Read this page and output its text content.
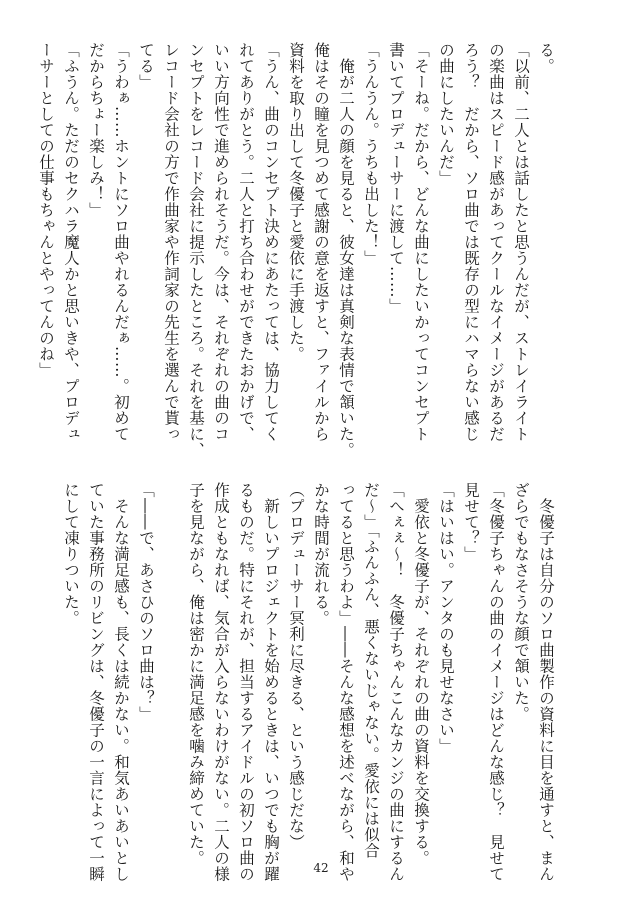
る。
「以前、二人とは話したと思うんだが、ストレイライト
の楽曲はスピード感があってクールなイメージがあるだ
ろう？　だから、ソロ曲では既存の型にハマらない感じ
の曲にしたいんだ」
「そーね。だから、どんな曲にしたいかってコンセプト
書いてプロデューサーに渡して……」
「うんうん。うちも出した！」
　俺が二人の顔を見ると、彼女達は真剣な表情で頷いた。
俺はその瞳を見つめて感謝の意を返すと、ファイルから
資料を取り出して冬優子と愛依に手渡した。
「うん、曲のコンセプト決めにあたっては、協力してく
れてありがとう。二人と打ち合わせができたおかげで、
いい方向性で進められそうだ。今は、それぞれの曲のコ
ンセプトをレコード会社に提示したところ。それを基に、
レコード会社の方で作曲家や作詞家の先生を選んで貰っ
てる」
「うわぁ……ホントにソロ曲やれるんだぁ……。初めて
だからちょー楽しみ！」
「ふうん。ただのセクハラ魔人かと思いきや、プロデュ
ーサーとしての仕事もちゃんとやってんのね」
　冬優子は自分のソロ曲製作の資料に目を通すと、まん
ざらでもなさそうな顔で頷いた。
「冬優子ちゃんの曲のイメージはどんな感じ？　見せて
見せて？」
「はいはい。アンタのも見せなさい」
　愛依と冬優子が、それぞれの曲の資料を交換する。
「へぇぇ～！　冬優子ちゃんこんなカンジの曲にするん
だ～」「ふんふん、悪くないじゃない。愛依には似合
ってると思うわよ」――そんな感想を述べながら、和や
かな時間が流れる。
（プロデューサー冥利に尽きる、という感じだな）
　新しいプロジェクトを始めるときは、いつでも胸が躍
るものだ。特にそれが、担当するアイドルの初ソロ曲の
作成ともなれば、気合が入らないわけがない。二人の様
子を見ながら、俺は密かに満足感を噛み締めていた。
「――で、あさひのソロ曲は？」
　そんな満足感も、長くは続かない。和気あいあいとし
ていた事務所のリビングは、冬優子の一言によって一瞬
にして凍りついた。
42
